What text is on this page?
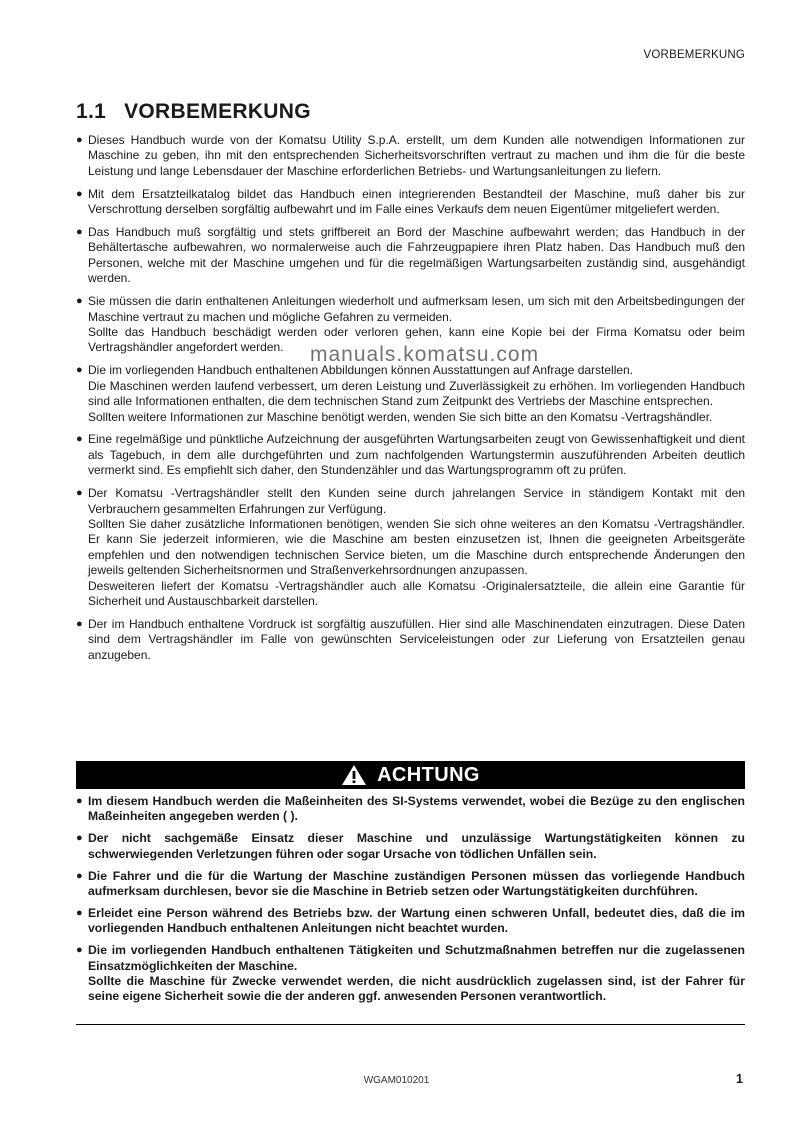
VORBEMERKUNG
1.1 VORBEMERKUNG
● Dieses Handbuch wurde von der Komatsu Utility S.p.A. erstellt, um dem Kunden alle notwendigen Informationen zur Maschine zu geben, ihn mit den entsprechenden Sicherheitsvorschriften vertraut zu machen und ihm die für die beste Leistung und lange Lebensdauer der Maschine erforderlichen Betriebs- und Wartungsanleitungen zu liefern.

● Mit dem Ersatzteilkatalog bildet das Handbuch einen integrierenden Bestandteil der Maschine, muß daher bis zur Verschrottung derselben sorgfältig aufbewahrt und im Falle eines Verkaufs dem neuen Eigentümer mitgeliefert werden.

● Das Handbuch muß sorgfältig und stets griffbereit an Bord der Maschine aufbewahrt werden; das Handbuch in der Behältertasche aufbewahren, wo normalerweise auch die Fahrzeugpapiere ihren Platz haben. Das Handbuch muß den Personen, welche mit der Maschine umgehen und für die regelmäßigen Wartungsarbeiten zuständig sind, ausgehändigt werden.

● Sie müssen die darin enthaltenen Anleitungen wiederholt und aufmerksam lesen, um sich mit den Arbeitsbedingungen der Maschine vertraut zu machen und mögliche Gefahren zu vermeiden.

Sollte das Handbuch beschädigt werden oder verloren gehen, kann eine Kopie bei der Firma Komatsu oder beim Vertragshändler angefordert werden.

● Die im vorliegenden Handbuch enthaltenen Abbildungen können Ausstattungen auf Anfrage darstellen.

Die Maschinen werden laufend verbessert, um deren Leistung und Zuverlässigkeit zu erhöhen. Im vorliegenden Handbuch sind alle Informationen enthalten, die dem technischen Stand zum Zeitpunkt des Vertriebs der Maschine entsprechen.

Sollten weitere Informationen zur Maschine benötigt werden, wenden Sie sich bitte an den Komatsu -Vertragshändler.

● Eine regelmäßige und pünktliche Aufzeichnung der ausgeführten Wartungsarbeiten zeugt von Gewissenhaftigkeit und dient als Tagebuch, in dem alle durchgeführten und zum nachfolgenden Wartungstermin auszuführenden Arbeiten deutlich vermerkt sind. Es empfiehlt sich daher, den Stundenzähler und das Wartungsprogramm oft zu prüfen.

● Der Komatsu -Vertragshändler stellt den Kunden seine durch jahrelangen Service in ständigem Kontakt mit den Verbrauchern gesammelten Erfahrungen zur Verfügung.

Sollten Sie daher zusätzliche Informationen benötigen, wenden Sie sich ohne weiteres an den Komatsu -Vertragshändler. Er kann Sie jederzeit informieren, wie die Maschine am besten einzusetzen ist, Ihnen die geeigneten Arbeitsgeräte empfehlen und den notwendigen technischen Service bieten, um die Maschine durch entsprechende Änderungen den jeweils geltenden Sicherheitsnormen und Straßenverkehrsordnungen anzupassen.

Desweiteren liefert der Komatsu -Vertragshändler auch alle Komatsu -Originalersatzteile, die allein eine Garantie für Sicherheit und Austauschbarkeit darstellen.

● Der im Handbuch enthaltene Vordruck ist sorgfältig auszufüllen. Hier sind alle Maschinendaten einzutragen. Diese Daten sind dem Vertragshändler im Falle von gewünschten Serviceleistungen oder zur Lieferung von Ersatzteilen genau anzugeben.

ACHTUNG
● Im diesem Handbuch werden die Maßeinheiten des SI-Systems verwendet, wobei die Bezüge zu den englischen Maßeinheiten angegeben werden ( ).

● Der nicht sachgemäße Einsatz dieser Maschine und unzulässige Wartungstätigkeiten können zu schwerwiegenden Verletzungen führen oder sogar Ursache von tödlichen Unfällen sein.

● Die Fahrer und die für die Wartung der Maschine zuständigen Personen müssen das vorliegende Handbuch aufmerksam durchlesen, bevor sie die Maschine in Betrieb setzen oder Wartungstätigkeiten durchführen.

● Erleidet eine Person während des Betriebs bzw. der Wartung einen schweren Unfall, bedeutet dies, daß die im vorliegenden Handbuch enthaltenen Anleitungen nicht beachtet wurden.

● Die im vorliegenden Handbuch enthaltenen Tätigkeiten und Schutzmaßnahmen betreffen nur die zugelassenen Einsatzmöglichkeiten der Maschine.

Sollte die Maschine für Zwecke verwendet werden, die nicht ausdrücklich zugelassen sind, ist der Fahrer für seine eigene Sicherheit sowie die der anderen ggf. anwesenden Personen verantwortlich.

WGAM010201	1
manuals.komatsu.com
